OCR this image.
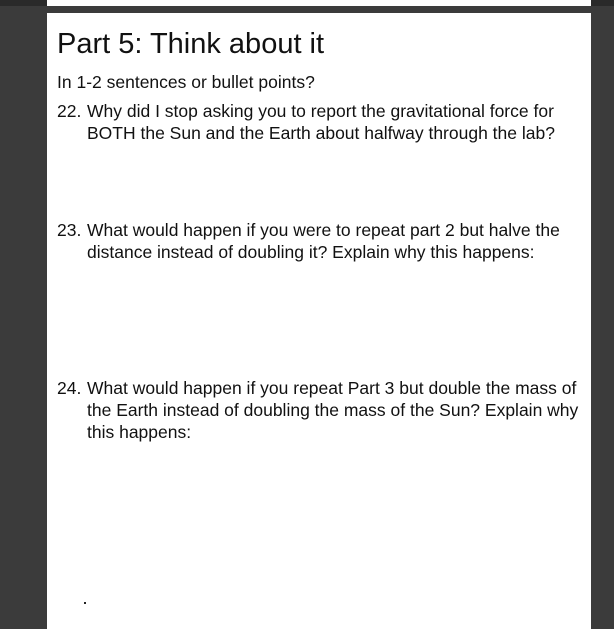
Part 5: Think about it

In 1-2 sentences or bullet points?

22. Why did I stop asking you to report the gravitational force for BOTH the Sun and the Earth about halfway through the lab?
23. What would happen if you were to repeat part 2 but halve the distance instead of doubling it? Explain why this happens:
24. What would happen if you repeat Part 3 but double the mass of the Earth instead of doubling the mass of the Sun? Explain why this happens:
